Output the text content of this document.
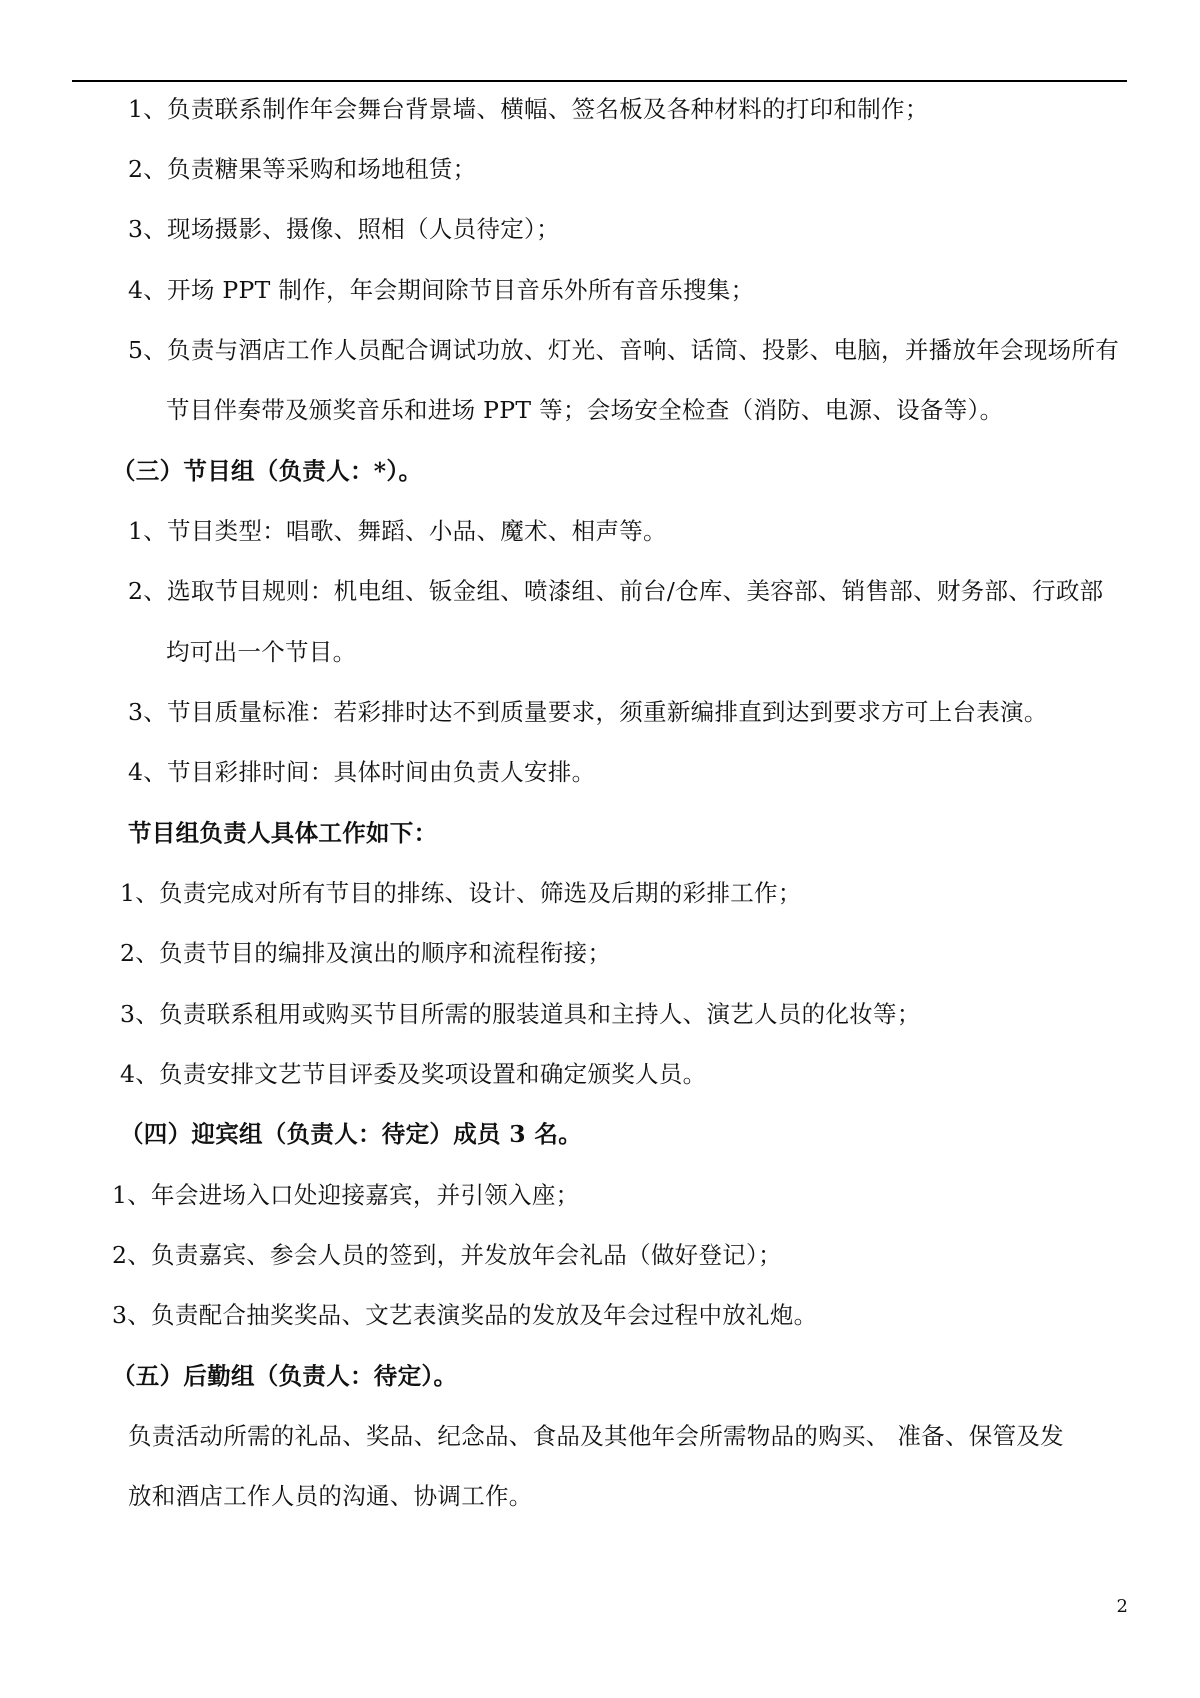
1、负责联系制作年会舞台背景墙、横幅、签名板及各种材料的打印和制作；
2、负责糖果等采购和场地租赁；
3、现场摄影、摄像、照相（人员待定）；
4、开场 PPT 制作，年会期间除节目音乐外所有音乐搜集；
5、负责与酒店工作人员配合调试功放、灯光、音响、话筒、投影、电脑，并播放年会现场所有
节目伴奏带及颁奖音乐和进场 PPT 等；会场安全检查（消防、电源、设备等）。
（三）节目组（负责人：*）。
1、节目类型：唱歌、舞蹈、小品、魔术、相声等。
2、选取节目规则：机电组、钣金组、喷漆组、前台/仓库、美容部、销售部、财务部、行政部
均可出一个节目。
3、节目质量标准：若彩排时达不到质量要求，须重新编排直到达到要求方可上台表演。
4、节目彩排时间：具体时间由负责人安排。
节目组负责人具体工作如下：
1、负责完成对所有节目的排练、设计、筛选及后期的彩排工作；
2、负责节目的编排及演出的顺序和流程衔接；
3、负责联系租用或购买节目所需的服装道具和主持人、演艺人员的化妆等；
4、负责安排文艺节目评委及奖项设置和确定颁奖人员。
（四）迎宾组（负责人：待定）成员 3 名。
1、年会进场入口处迎接嘉宾，并引领入座；
2、负责嘉宾、参会人员的签到，并发放年会礼品（做好登记）；
3、负责配合抽奖奖品、文艺表演奖品的发放及年会过程中放礼炮。
（五）后勤组（负责人：待定）。
负责活动所需的礼品、奖品、纪念品、食品及其他年会所需物品的购买、 准备、保管及发
放和酒店工作人员的沟通、协调工作。
2
